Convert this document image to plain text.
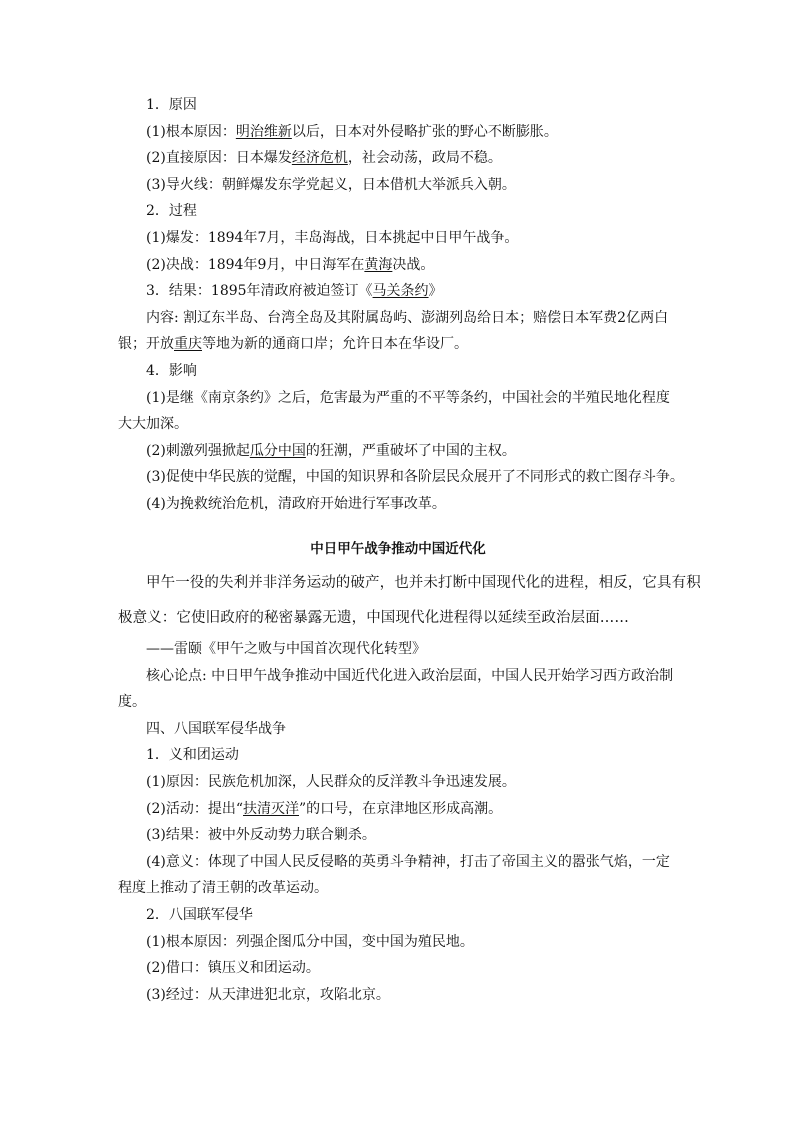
1．原因
(1)根本原因：明治维新以后，日本对外侵略扩张的野心不断膨胀。
(2)直接原因：日本爆发经济危机，社会动荡，政局不稳。
(3)导火线：朝鲜爆发东学党起义，日本借机大举派兵入朝。
2．过程
(1)爆发：1894年7月，丰岛海战，日本挑起中日甲午战争。
(2)决战：1894年9月，中日海军在黄海决战。
3．结果：1895年清政府被迫签订《马关条约》
内容: 割辽东半岛、台湾全岛及其附属岛屿、澎湖列岛给日本；赔偿日本军费2亿两白
银；开放重庆等地为新的通商口岸；允许日本在华设厂。
4．影响
(1)是继《南京条约》之后，危害最为严重的不平等条约，中国社会的半殖民地化程度
大大加深。
(2)刺激列强掀起瓜分中国的狂潮，严重破坏了中国的主权。
(3)促使中华民族的觉醒，中国的知识界和各阶层民众展开了不同形式的救亡图存斗争。
(4)为挽救统治危机，清政府开始进行军事改革。
中日甲午战争推动中国近代化
甲午一役的失利并非洋务运动的破产，也并未打断中国现代化的进程，相反，它具有积
极意义：它使旧政府的秘密暴露无遗，中国现代化进程得以延续至政治层面……
——雷颐《甲午之败与中国首次现代化转型》
核心论点: 中日甲午战争推动中国近代化进入政治层面，中国人民开始学习西方政治制
度。
四、八国联军侵华战争
1．义和团运动
(1)原因：民族危机加深，人民群众的反洋教斗争迅速发展。
(2)活动：提出“扶清灭洋”的口号，在京津地区形成高潮。
(3)结果：被中外反动势力联合剿杀。
(4)意义：体现了中国人民反侵略的英勇斗争精神，打击了帝国主义的嚣张气焰，一定
程度上推动了清王朝的改革运动。
2．八国联军侵华
(1)根本原因：列强企图瓜分中国，变中国为殖民地。
(2)借口：镇压义和团运动。
(3)经过：从天津进犯北京，攻陷北京。
